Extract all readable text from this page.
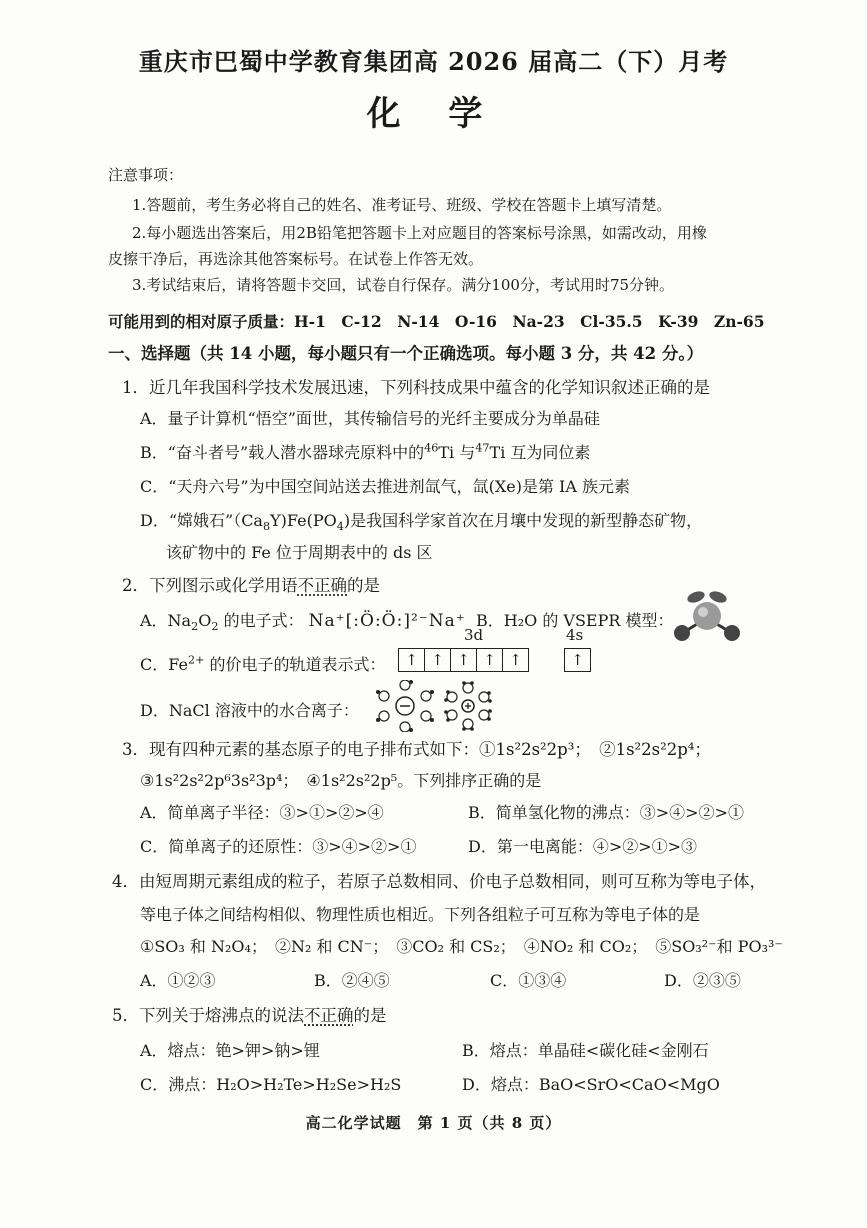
重庆市巴蜀中学教育集团高 2026 届高二（下）月考
化 学
注意事项：
1.答题前，考生务必将自己的姓名、准考证号、班级、学校在答题卡上填写清楚。
2.每小题选出答案后，用2B铅笔把答题卡上对应题目的答案标号涂黑，如需改动，用橡
皮擦干净后，再选涂其他答案标号。在试卷上作答无效。
3.考试结束后，请将答题卡交回，试卷自行保存。满分100分，考试用时75分钟。
可能用到的相对原子质量：H-1　C-12　N-14　O-16　Na-23　Cl-35.5　K-39　Zn-65
一、选择题（共 14 小题，每小题只有一个正确选项。每小题 3 分，共 42 分。）
1．近几年我国科学技术发展迅速，下列科技成果中蕴含的化学知识叙述正确的是
A．量子计算机“悟空”面世，其传输信号的光纤主要成分为单晶硅
B．“奋斗者号”载人潜水器球壳原料中的$^{46}$Ti 与$^{47}$Ti 互为同位素
C．“天舟六号”为中国空间站送去推进剂氙气，氙(Xe)是第 IA 族元素
D．“嫦娥石$”(Ca_8Y)Fe(PO_4)$是我国科学家首次在月壤中发现的新型静态矿物，
该矿物中的 Fe 位于周期表中的 ds 区
2．下列图示或化学用语不正确的是
A．$Na_2O_2$ 的电子式： Na⁺[:Ö:Ö:]²⁻Na⁺ B．H₂O 的 VSEPR 模型：
C．$Fe^{2+}$ 的价电子的轨道表示式：
3d	4s
↑ ↑ ↑ ↑ ↑	↑
D．NaCl 溶液中的水合离子：
3．现有四种元素的基态原子的电子排布式如下：①1s²2s²2p³；　②1s²2s²2p⁴；
③1s²2s²2p⁶3s²3p⁴；　④1s²2s²2p⁵。下列排序正确的是
A．简单离子半径：③>①>②>④	B．简单氢化物的沸点：③>④>②>①
C．简单离子的还原性：③>④>②>①	D．第一电离能：④>②>①>③
4．由短周期元素组成的粒子，若原子总数相同、价电子总数相同，则可互称为等电子体，
等电子体之间结构相似、物理性质也相近。下列各组粒子可互称为等电子体的是
①SO₃ 和 N₂O₄；　②N₂ 和 CN⁻；　③CO₂ 和 CS₂；　④NO₂ 和 CO₂；　⑤SO₃²⁻和 PO₃³⁻
A．①②③	B．②④⑤	C．①③④	D．②③⑤
5．下列关于熔沸点的说法不正确的是
A．熔点：铯>钾>钠>锂	B．熔点：单晶硅<碳化硅<金刚石
C．沸点：H₂O>H₂Te>H₂Se>H₂S	D．熔点：BaO<SrO<CaO<MgO
高二化学试题　第 1 页（共 8 页）
